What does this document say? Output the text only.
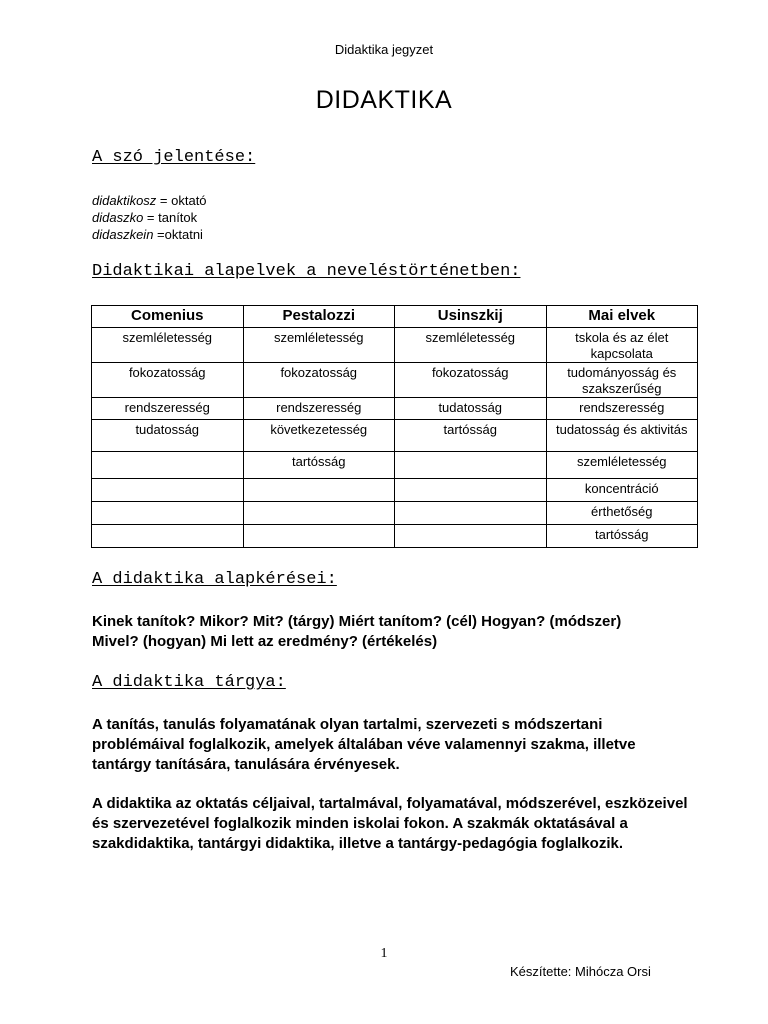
Didaktika jegyzet
DIDAKTIKA
A szó jelentése:
didaktikosz = oktató
didaszko = tanítok
didaszkein =oktatni
Didaktikai alapelvek a neveléstörténetben:
Comenius	Pestalozzi	Usinszkij	Mai elvek
szemléletesség	szemléletesség	szemléletesség	tskola és az élet kapcsolata
fokozatosság	fokozatosság	fokozatosság	tudományosság és szakszerűség
rendszeresség	rendszeresség	tudatosság	rendszeresség
tudatosság	következetesség	tartósság	tudatosság és aktivitás
	tartósság		szemléletesség
			koncentráció
			érthetőség
			tartósság
A didaktika alapkérései:
Kinek tanítok? Mikor? Mit? (tárgy) Miért tanítom? (cél) Hogyan? (módszer) Mivel? (hogyan) Mi lett az eredmény? (értékelés)
A didaktika tárgya:
A tanítás, tanulás folyamatának olyan tartalmi, szervezeti s módszertani problémáival foglalkozik, amelyek általában véve valamennyi szakma, illetve tantárgy tanítására, tanulására érvényesek.
A didaktika az oktatás céljaival, tartalmával, folyamatával, módszerével, eszközeivel és szervezetével foglalkozik minden iskolai fokon. A szakmák oktatásával a szakdidaktika, tantárgyi didaktika, illetve a tantárgy-pedagógia foglalkozik.
1
Készítette: Mihócza Orsi
